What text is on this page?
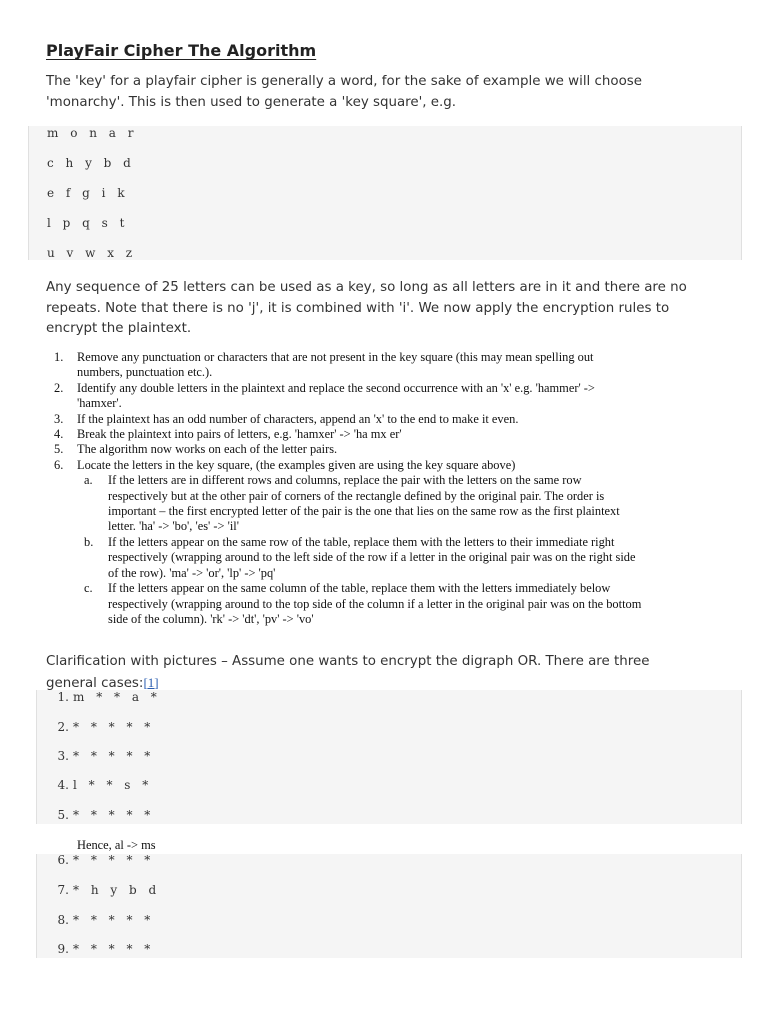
PlayFair Cipher The Algorithm

The 'key' for a playfair cipher is generally a word, for the sake of example we will choose
'monarchy'. This is then used to generate a 'key square', e.g.

m o n a r
c h y b d
e f g i k
l p q s t
u v w x z

Any sequence of 25 letters can be used as a key, so long as all letters are in it and there are no
repeats. Note that there is no 'j', it is combined with 'i'. We now apply the encryption rules to
encrypt the plaintext.

1. Remove any punctuation or characters that are not present in the key square (this may mean spelling out
numbers, punctuation etc.).
2. Identify any double letters in the plaintext and replace the second occurrence with an 'x' e.g. 'hammer' ->
'hamxer'.
3. If the plaintext has an odd number of characters, append an 'x' to the end to make it even.
4. Break the plaintext into pairs of letters, e.g. 'hamxer' -> 'ha mx er'
5. The algorithm now works on each of the letter pairs.
6. Locate the letters in the key square, (the examples given are using the key square above)
a. If the letters are in different rows and columns, replace the pair with the letters on the same row
respectively but at the other pair of corners of the rectangle defined by the original pair. The order is
important – the first encrypted letter of the pair is the one that lies on the same row as the first plaintext
letter. 'ha' -> 'bo', 'es' -> 'il'
b. If the letters appear on the same row of the table, replace them with the letters to their immediate right
respectively (wrapping around to the left side of the row if a letter in the original pair was on the right side
of the row). 'ma' -> 'or', 'lp' -> 'pq'
c. If the letters appear on the same column of the table, replace them with the letters immediately below
respectively (wrapping around to the top side of the column if a letter in the original pair was on the bottom
side of the column). 'rk' -> 'dt', 'pv' -> 'vo'

Clarification with pictures – Assume one wants to encrypt the digraph OR. There are three
general cases:[1]

1. m * * a *
2. * * * * *
3. * * * * *
4. l * * s *
5. * * * * *
Hence, al -> ms
6. * * * * *
7. * h y b d
8. * * * * *
9. * * * * *
